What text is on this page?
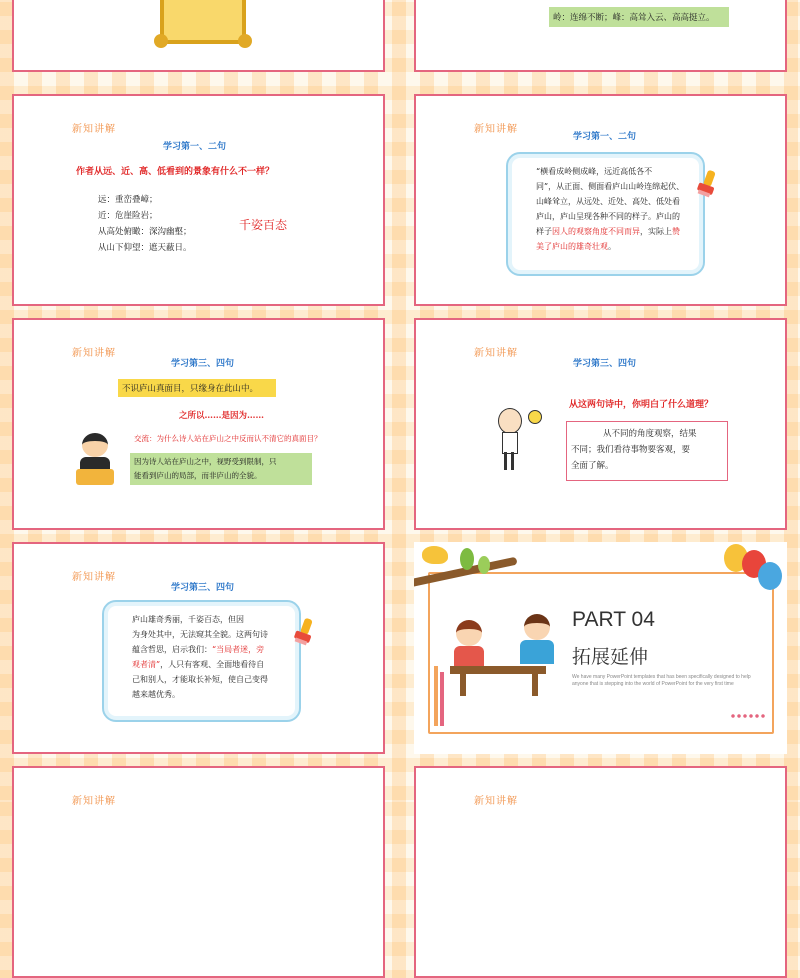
岭：连绵不断；峰：高耸入云、高高挺立。
新知讲解
学习第一、二句
作者从远、近、高、低看到的景象有什么不一样？
远：重峦叠嶂；
近：危崖险岩；
从高处俯瞰：深沟幽壑；
从山下仰望：遮天蔽日。
千姿百态
新知讲解
学习第一、二句
“横看成岭侧成峰，远近高低各不
同”，从正面、侧面看庐山山岭连绵起伏、
山峰耸立，从远处、近处、高处、低处看
庐山，庐山呈现各种不同的样子。庐山的
样子因人的观察角度不同而异，实际上赞
美了庐山的雄奇壮观。
新知讲解
学习第三、四句
不识庐山真面目，只缘身在此山中。
之所以……是因为……
交流：为什么诗人站在庐山之中反而认不清它的真面目？
因为诗人站在庐山之中，视野受到限制，只
能看到庐山的局部，而非庐山的全貌。
新知讲解
学习第三、四句
从这两句诗中，你明白了什么道理？
从不同的角度观察，结果
不同；我们看待事物要客观，要
全面了解。
新知讲解
学习第三、四句
庐山雄奇秀丽，千姿百态，但因
为身处其中，无法窥其全貌。这两句诗
蕴含哲思，启示我们：“当局者迷，旁
观者清”，人只有客观、全面地看待自
己和别人，才能取长补短，使自己变得
越来越优秀。
PART 04
拓展延伸
We have many PowerPoint templates that has been specifically designed to help
anyone that is stepping into the world of PowerPoint for the very first time
新知讲解	新知讲解
